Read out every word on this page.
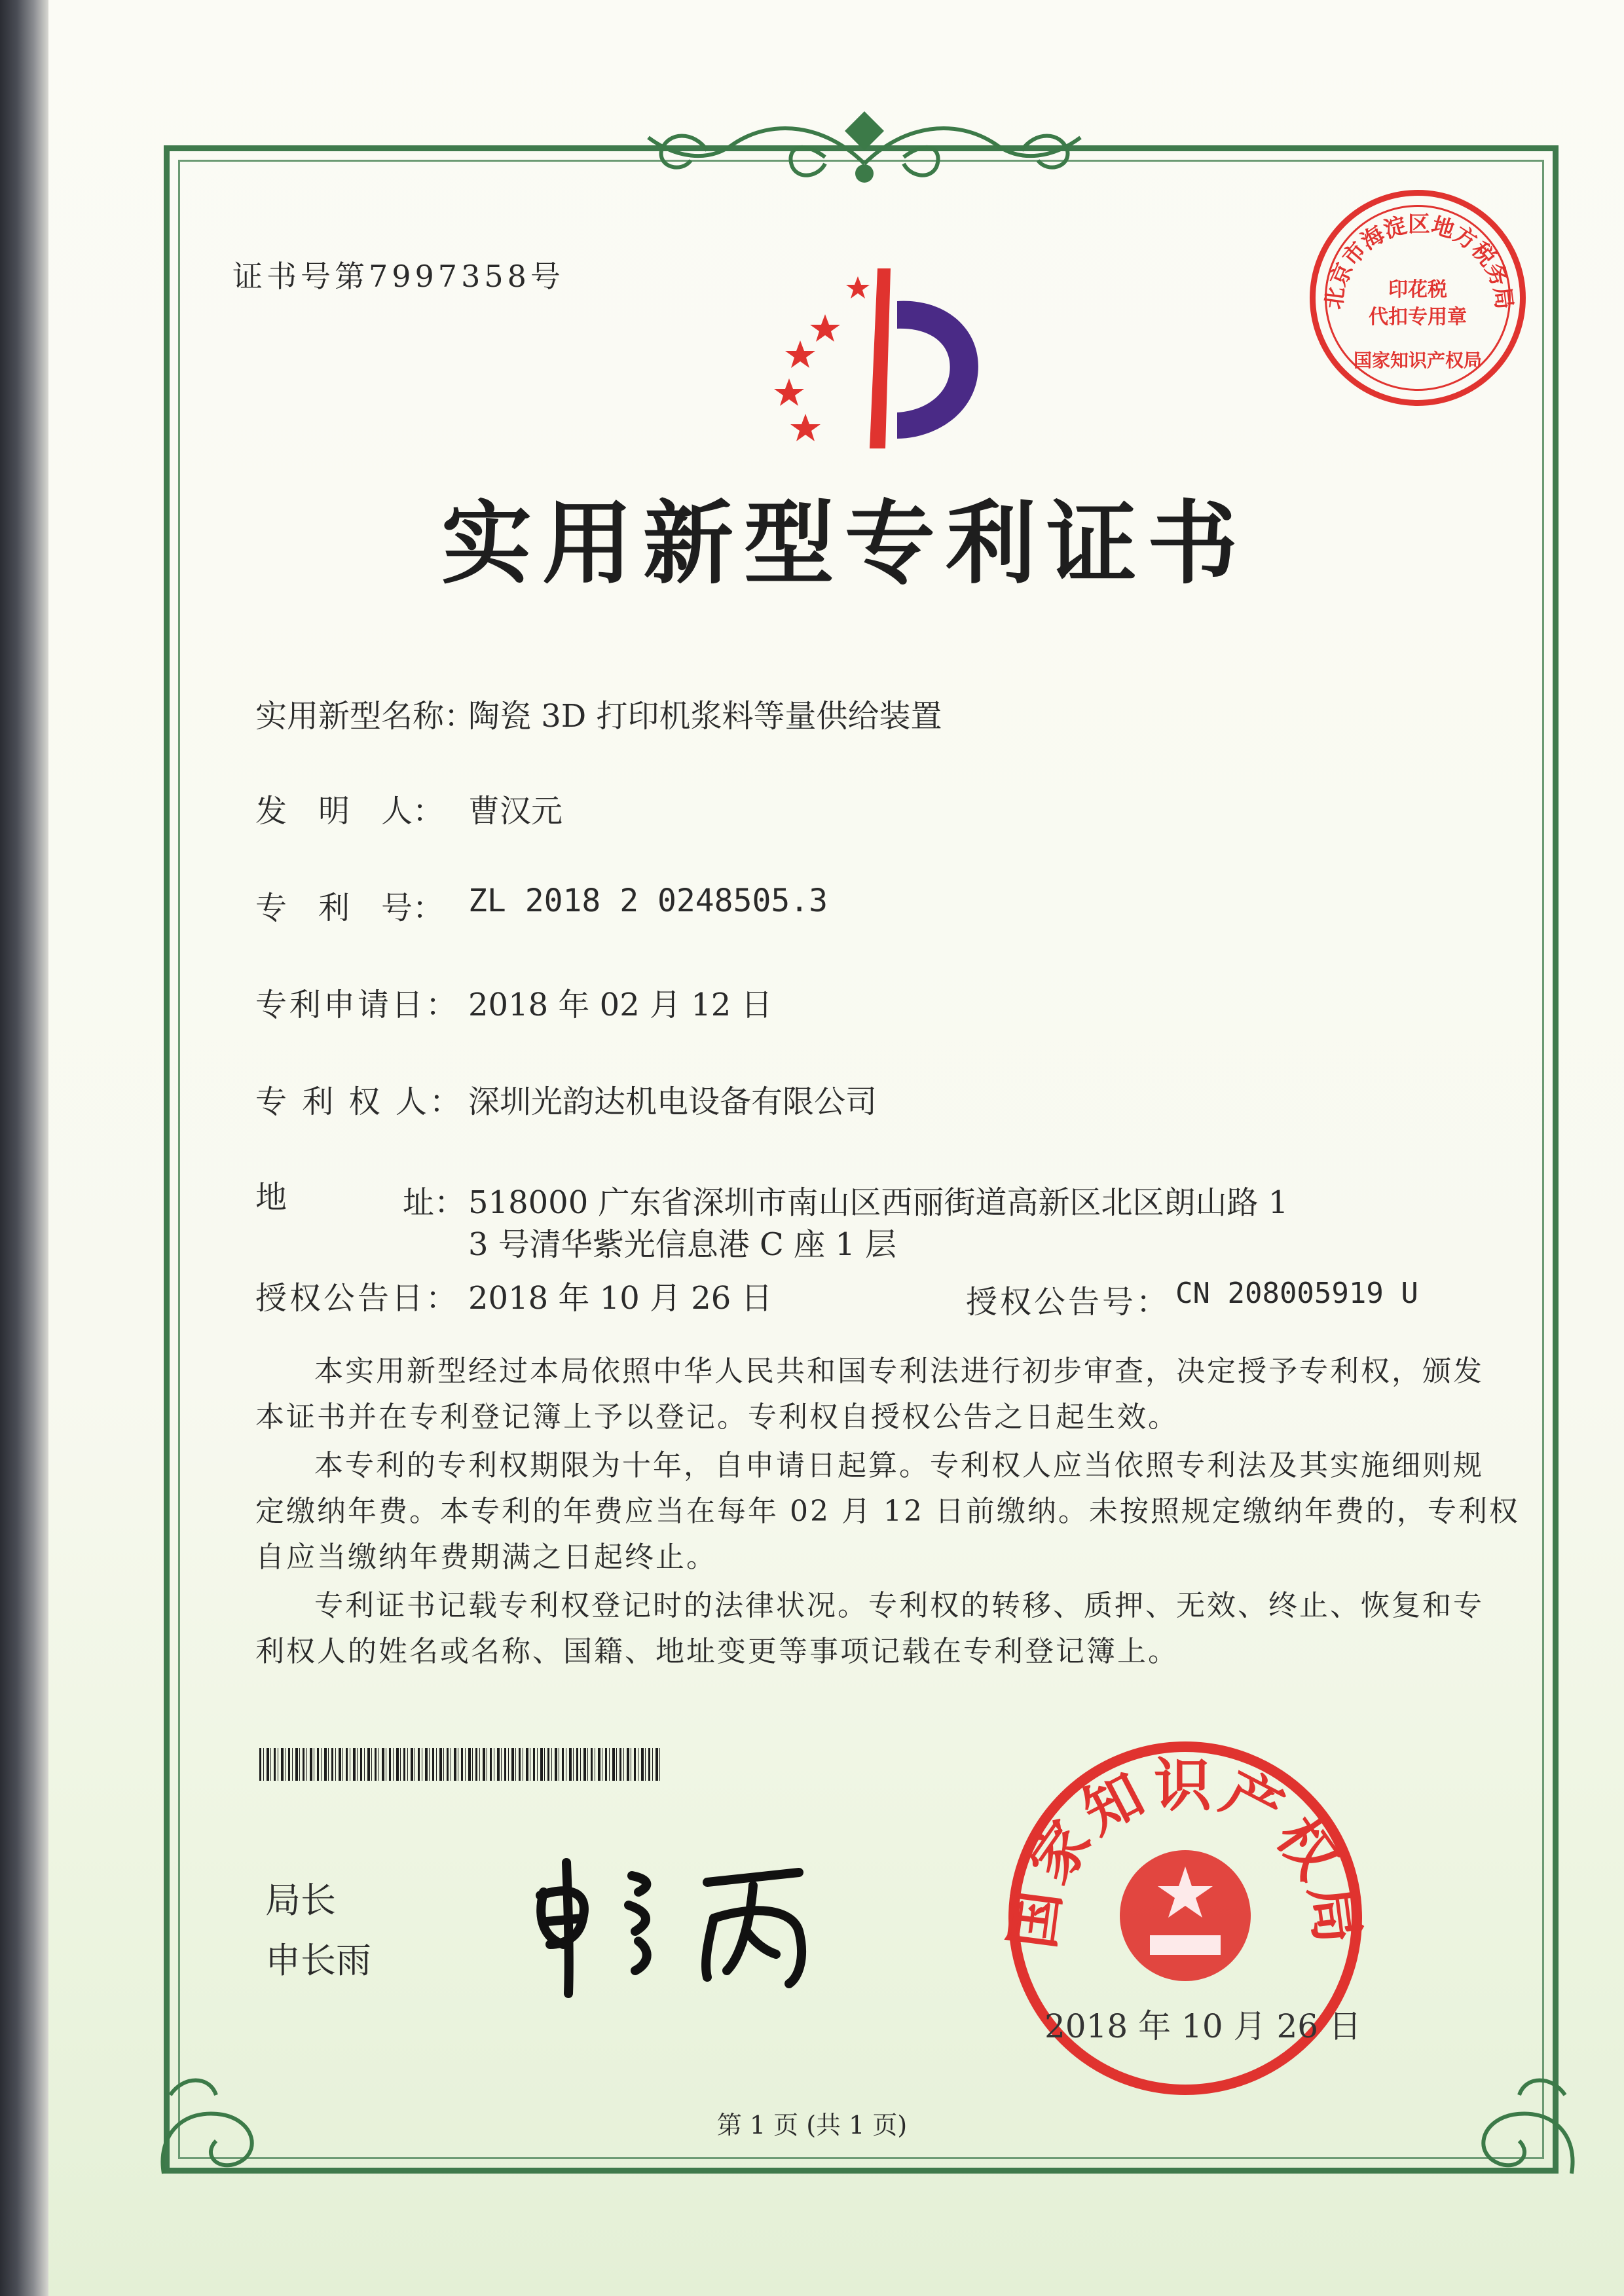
证书号第7997358号
北京市海淀区地方税务局
印花税
代扣专用章
国家知识产权局
实用新型专利证书
实用新型名称：
陶瓷 3D 打印机浆料等量供给装置
发　明　人： 曹汉元
专　利　号： ZL 2018 2 0248505.3
专利申请日： 2018 年 02 月 12 日
专 利 权 人： 深圳光韵达机电设备有限公司
地	址： 518000 广东省深圳市南山区西丽街道高新区北区朗山路 1
3 号清华紫光信息港 C 座 1 层
授权公告日： 2018 年 10 月 26 日	授权公告号： CN 208005919 U
本实用新型经过本局依照中华人民共和国专利法进行初步审查，决定授予专利权，颁发
本证书并在专利登记簿上予以登记。专利权自授权公告之日起生效。
本专利的专利权期限为十年，自申请日起算。专利权人应当依照专利法及其实施细则规
定缴纳年费。本专利的年费应当在每年 02 月 12 日前缴纳。未按照规定缴纳年费的，专利权
自应当缴纳年费期满之日起终止。
专利证书记载专利权登记时的法律状况。专利权的转移、质押、无效、终止、恢复和专
利权人的姓名或名称、国籍、地址变更等事项记载在专利登记簿上。
局长
申长雨
国家知识产权局
2018 年 10 月 26 日
第 1 页 (共 1 页)
